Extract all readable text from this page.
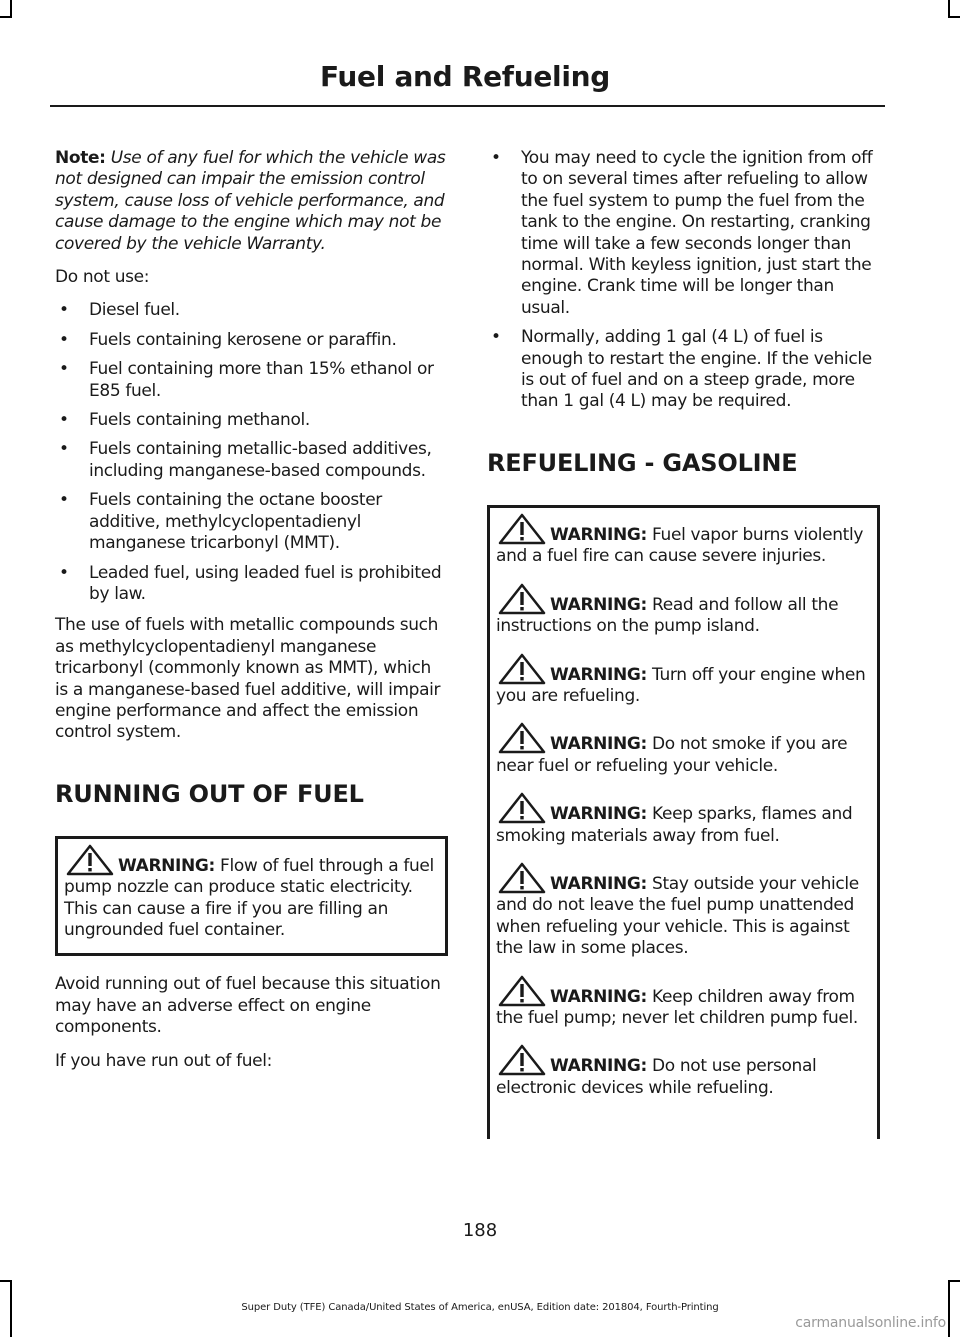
Fuel and Refueling

Note: Use of any fuel for which the vehicle was not designed can impair the emission control system, cause loss of vehicle performance, and cause damage to the engine which may not be covered by the vehicle Warranty.

Do not use:

• Diesel fuel.
• Fuels containing kerosene or paraffin.
• Fuel containing more than 15% ethanol or E85 fuel.
• Fuels containing methanol.
• Fuels containing metallic-based additives, including manganese-based compounds.
• Fuels containing the octane booster additive, methylcyclopentadienyl manganese tricarbonyl (MMT).
• Leaded fuel, using leaded fuel is prohibited by law.

The use of fuels with metallic compounds such as methylcyclopentadienyl manganese tricarbonyl (commonly known as MMT), which is a manganese-based fuel additive, will impair engine performance and affect the emission control system.

RUNNING OUT OF FUEL

WARNING: Flow of fuel through a fuel pump nozzle can produce static electricity. This can cause a fire if you are filling an ungrounded fuel container.

Avoid running out of fuel because this situation may have an adverse effect on engine components.

If you have run out of fuel:

• You may need to cycle the ignition from off to on several times after refueling to allow the fuel system to pump the fuel from the tank to the engine. On restarting, cranking time will take a few seconds longer than normal. With keyless ignition, just start the engine. Crank time will be longer than usual.
• Normally, adding 1 gal (4 L) of fuel is enough to restart the engine. If the vehicle is out of fuel and on a steep grade, more than 1 gal (4 L) may be required.
REFUELING - GASOLINE

WARNING: Fuel vapor burns violently and a fuel fire can cause severe injuries.

WARNING: Read and follow all the instructions on the pump island.

WARNING: Turn off your engine when you are refueling.

WARNING: Do not smoke if you are near fuel or refueling your vehicle.

WARNING: Keep sparks, flames and smoking materials away from fuel.

WARNING: Stay outside your vehicle and do not leave the fuel pump unattended when refueling your vehicle. This is against the law in some places.

WARNING: Keep children away from the fuel pump; never let children pump fuel.

WARNING: Do not use personal electronic devices while refueling.

188
Super Duty (TFE) Canada/United States of America, enUSA, Edition date: 201804, Fourth-Printing
carmanualsonline.info
